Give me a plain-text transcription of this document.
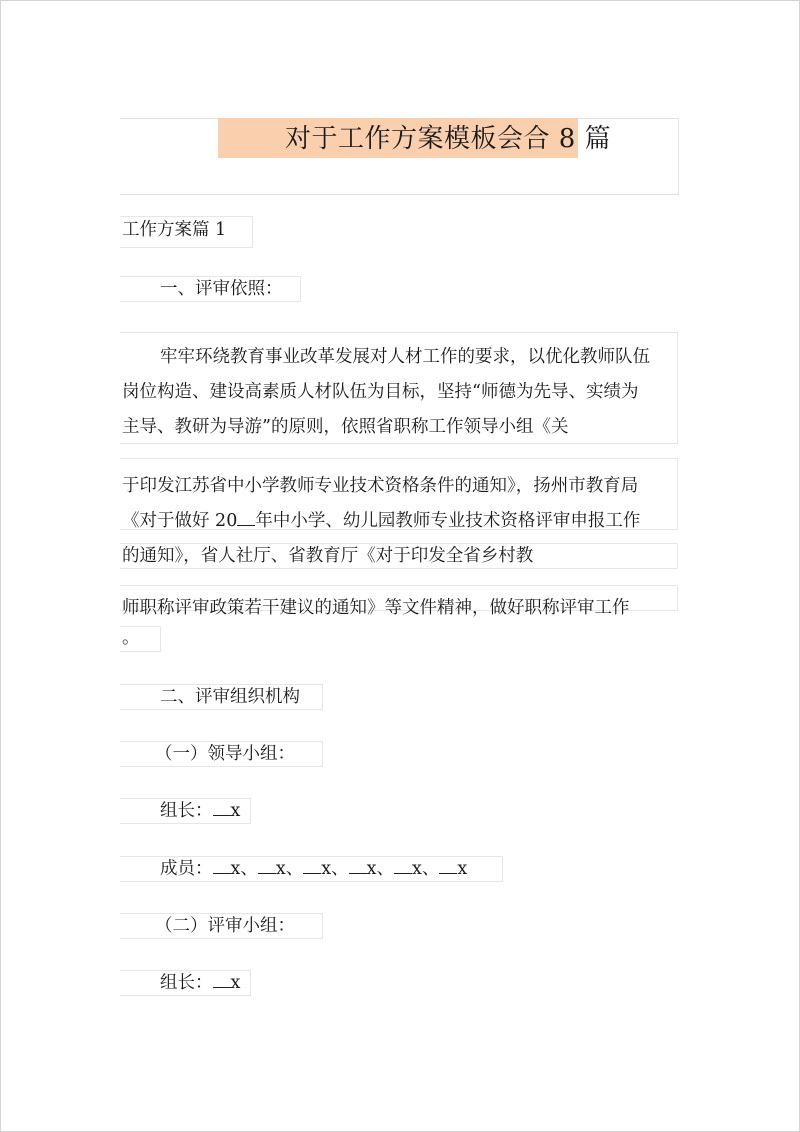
对于工作方案模板会合 8 篇
工作方案篇 1
一、评审依照：
牢牢环绕教育事业改革发展对人材工作的要求，以优化教师队伍
岗位构造、建设高素质人材队伍为目标，坚持“师德为先导、实绩为
主导、教研为导游”的原则，依照省职称工作领导小组《关
于印发江苏省中小学教师专业技术资格条件的通知》，扬州市教育局
《对于做好 20 年中小学、幼儿园教师专业技术资格评审申报工作
的通知》，省人社厅、省教育厅《对于印发全省乡村教
师职称评审政策若干建议的通知》等文件精神，做好职称评审工作
。
二、评审组织机构
（一）领导小组：
组长： x
成员： x、 x、 x、 x、 x、 x
（二）评审小组：
组长： x
